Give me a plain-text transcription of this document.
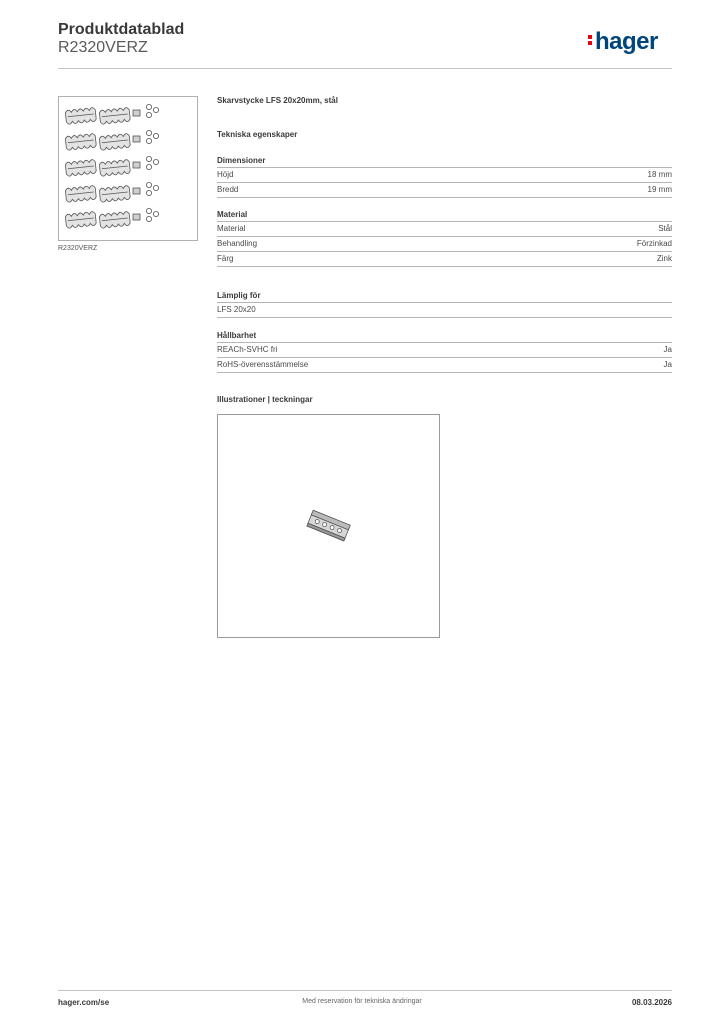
Produktdatablad
R2320VERZ	hager
R2320VERZ
Skarvstycke LFS 20x20mm, stål
Tekniska egenskaper
Dimensioner
Höjd	18 mm
Bredd	19 mm
Material
Material	Stål
Behandling	Förzinkad
Färg	Zink
Lämplig för
LFS 20x20
Hållbarhet
REACh-SVHC fri	Ja
RoHS-överensstämmelse	Ja
Illustrationer | teckningar
hager.com/se	Med reservation för tekniska ändringar	08.03.2026
